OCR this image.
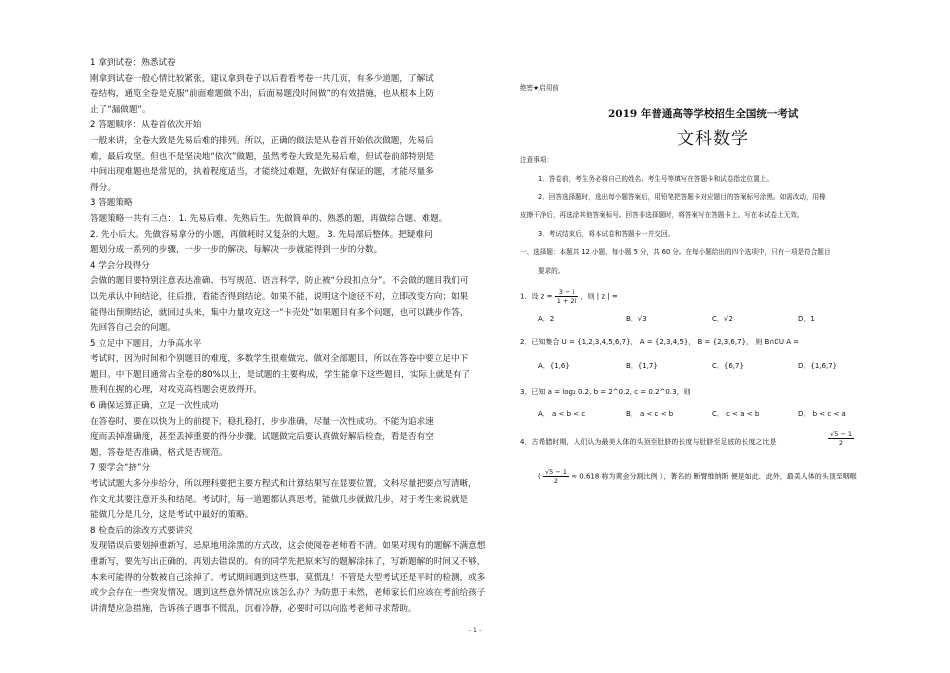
1 拿到试卷：熟悉试卷
刚拿到试卷一般心情比较紧张，建议拿到卷子以后看看考卷一共几页，有多少道题，了解试
卷结构，通览全卷是克服“前面难题做不出，后面易题没时间做”的有效措施，也从根本上防
止了“漏做题”。
2 答题顺序：从卷首依次开始
一般来讲，全卷大致是先易后难的排列。所以，正确的做法是从卷首开始依次做题，先易后
难，最后攻坚。但也不是坚决地“依次”做题，虽然考卷大致是先易后难，但试卷前部特别是
中间出现难题也是常见的，执着程度适当，才能绕过难题，先做好有保证的题，才能尽量多
得分。
3 答题策略
答题策略一共有三点： 1. 先易后难、先熟后生。先做简单的、熟悉的题，再做综合题、难题。
2. 先小后大。先做容易拿分的小题，再做耗时又复杂的大题。 3. 先局部后整体。把疑难问
题划分成一系列的步骤，一步一步的解决，每解决一步就能得到一步的分数。
4 学会分段得分
会做的题目要特别注意表达准确、书写规范、语言科学，防止被“分段扣点分”。不会做的题目我们可
以先承认中间结论，往后推，看能否得到结论。如果不能，说明这个途径不对，立即改变方向；如果
能得出预期结论，就回过头来，集中力量攻克这一“卡壳处”如果题目有多个问题，也可以跳步作答，
先回答自己会的问题。
5 立足中下题目，力争高水平
考试时，因为时间和个别题目的难度，多数学生很难做完、做对全部题目，所以在答卷中要立足中下
题目。中下题目通常占全卷的80%以上，是试题的主要构成，学生能拿下这些题目，实际上就是有了
胜利在握的心理，对攻克高档题会更放得开。
6 确保运算正确，立足一次性成功
在答卷时，要在以快为上的前提下，稳扎稳打，步步准确，尽量一次性成功。不能为追求速
度而丢掉准确度，甚至丢掉重要的得分步骤。试题做完后要认真做好解后检查，看是否有空
题，答卷是否准确，格式是否规范。
7 要学会“挤”分
考试试题大多分步给分，所以理科要把主要方程式和计算结果写在显要位置，文科尽量把要点写清晰，
作文尤其要注意开头和结尾。考试时，每一道题都认真思考，能做几步就做几步，对于考生来说就是
能做几分是几分，这是考试中最好的策略。
8 检查后的涂改方式要讲究
发现错误后要划掉重新写，忌原地用涂黑的方式改，这会使阅卷老师看不清。如果对现有的题解不满意想
重新写，要先写出正确的，再划去错误的。有的同学先把原来写的题解涂抹了，写新题解的时间又不够，
本来可能得的分数被自己涂掉了。考试期间遇到这些事，莫慌乱！不管是大型考试还是平时的检测，或多
或少会存在一些突发情况。遇到这些意外情况应该怎么办？为防患于未然，老师家长们应该在考前给孩子
讲清楚应急措施，告诉孩子遇事不慌乱，沉着冷静，必要时可以向监考老师寻求帮助。
绝密★启用前
2019 年普通高等学校招生全国统一考试
文科数学
注意事项：
1．答卷前，考生务必将自己的姓名、考生号等填写在答题卡和试卷指定位置上。
2．回答选择题时，选出每小题答案后，用铅笔把答题卡对应题目的答案标号涂黑。如需改动，用橡
皮擦干净后，再选涂其他答案标号。回答非选择题时，将答案写在答题卡上。写在本试卷上无效。
3．考试结束后，将本试卷和答题卡一并交回。
一、选择题：本题共 12 小题，每小题 5 分，共 60 分。在每小题给出的四个选项中，只有一项是符合题目
要求的。
1．设 $z = \frac{3 - i}{1 + 2i}$ ，则 | z | =
A．2	B．√3	C．√2	D．1
2．已知集合 U = {1,2,3,4,5,6,7}， A = {2,3,4,5}， B = {2,3,6,7}， 则 B∩∁U A =
A．{1,6}	B．{1,7}	C．{6,7}	D．{1,6,7}
3．已知 a = log₂ 0.2, b = 2^0.2, c = 0.2^0.3，则
A． a < b < c	B． a < c < b	C． c < a < b	D． b < c < a
4．古希腊时期，人们认为最美人体的头顶至肚脐的长度与肚脐至足底的长度之比是	$\frac{√5 - 1}{2}$
( $\frac{√5 - 1}{2} \approx 0.618$ 称为黄金分割比例 ），著名的 断臂维纳斯 便是如此．此外，最美人体的头顶至咽喉
- 1 -
